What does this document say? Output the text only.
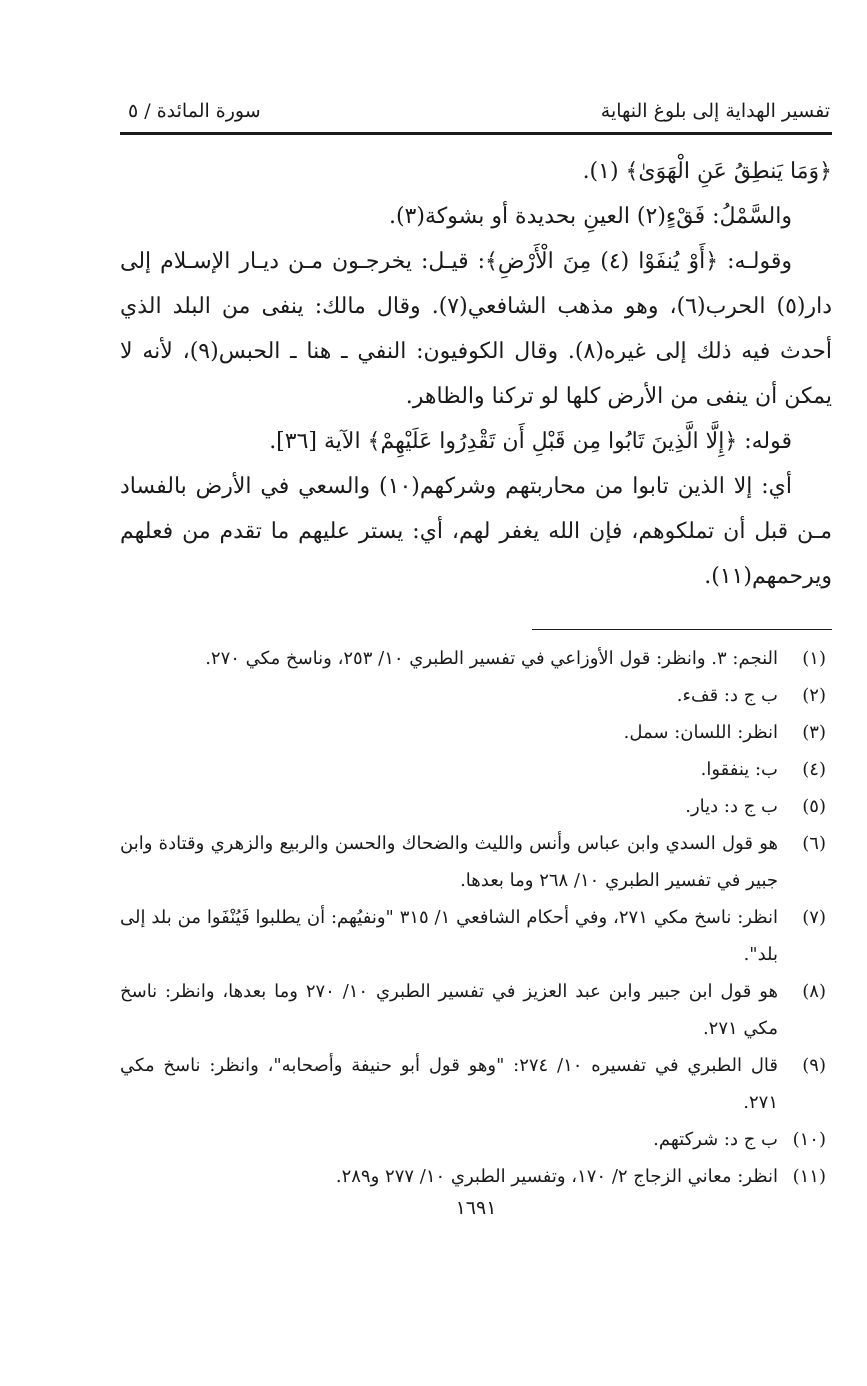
تفسير الهداية إلى بلوغ النهاية
سورة المائدة / ٥

﴿وَمَا يَنطِقُ عَنِ الْهَوَىٰ﴾ (١).

والسَّمْلُ: فَقْءٍ(٢) العينِ بحديدة أو بشوكة(٣).

وقولـه: ﴿أَوْ يُنفَوْا (٤) مِنَ الْأَرْضِ﴾: قيـل: يخرجـون مـن ديـار الإسـلام إلى دار(٥) الحرب(٦)، وهو مذهب الشافعي(٧). وقال مالك: ينفى من البلد الذي أحدث فيه ذلك إلى غيره(٨). وقال الكوفيون: النفي ـ هنا ـ الحبس(٩)، لأنه لا يمكن أن ينفى من الأرض كلها لو تركنا والظاهر.

قوله: ﴿إِلَّا الَّذِينَ تَابُوا مِن قَبْلِ أَن تَقْدِرُوا عَلَيْهِمْ﴾ الآية [٣٦].

أي: إلا الذين تابوا من محاربتهم وشركهم(١٠) والسعي في الأرض بالفساد مـن قبل أن تملكوهم، فإن الله يغفر لهم، أي: يستر عليهم ما تقدم من فعلهم ويرحمهم(١١).

(١)
النجم: ٣. وانظر: قول الأوزاعي في تفسير الطبري ١٠/ ٢٥٣، وناسخ مكي ٢٧٠.
(٢)
ب ج د: قفء.
(٣)
انظر: اللسان: سمل.
(٤)
ب: ينفقوا.
(٥)
ب ج د: ديار.
(٦)
هو قول السدي وابن عباس وأنس والليث والضحاك والحسن والربيع والزهري وقتادة وابن جبير في تفسير الطبري ١٠/ ٢٦٨ وما بعدها.
(٧)
انظر: ناسخ مكي ٢٧١، وفي أحكام الشافعي ١/ ٣١٥ "ونفيُهم: أن يطلبوا فَيُنْفَوا من بلد إلى بلد".
(٨)
هو قول ابن جبير وابن عبد العزيز في تفسير الطبري ١٠/ ٢٧٠ وما بعدها، وانظر: ناسخ مكي ٢٧١.
(٩)
قال الطبري في تفسيره ١٠/ ٢٧٤: "وهو قول أبو حنيفة وأصحابه"، وانظر: ناسخ مكي ٢٧١.
(١٠)
ب ج د: شركتهم.
(١١)
انظر: معاني الزجاج ٢/ ١٧٠، وتفسير الطبري ١٠/ ٢٧٧ و٢٨٩.
١٦٩١
